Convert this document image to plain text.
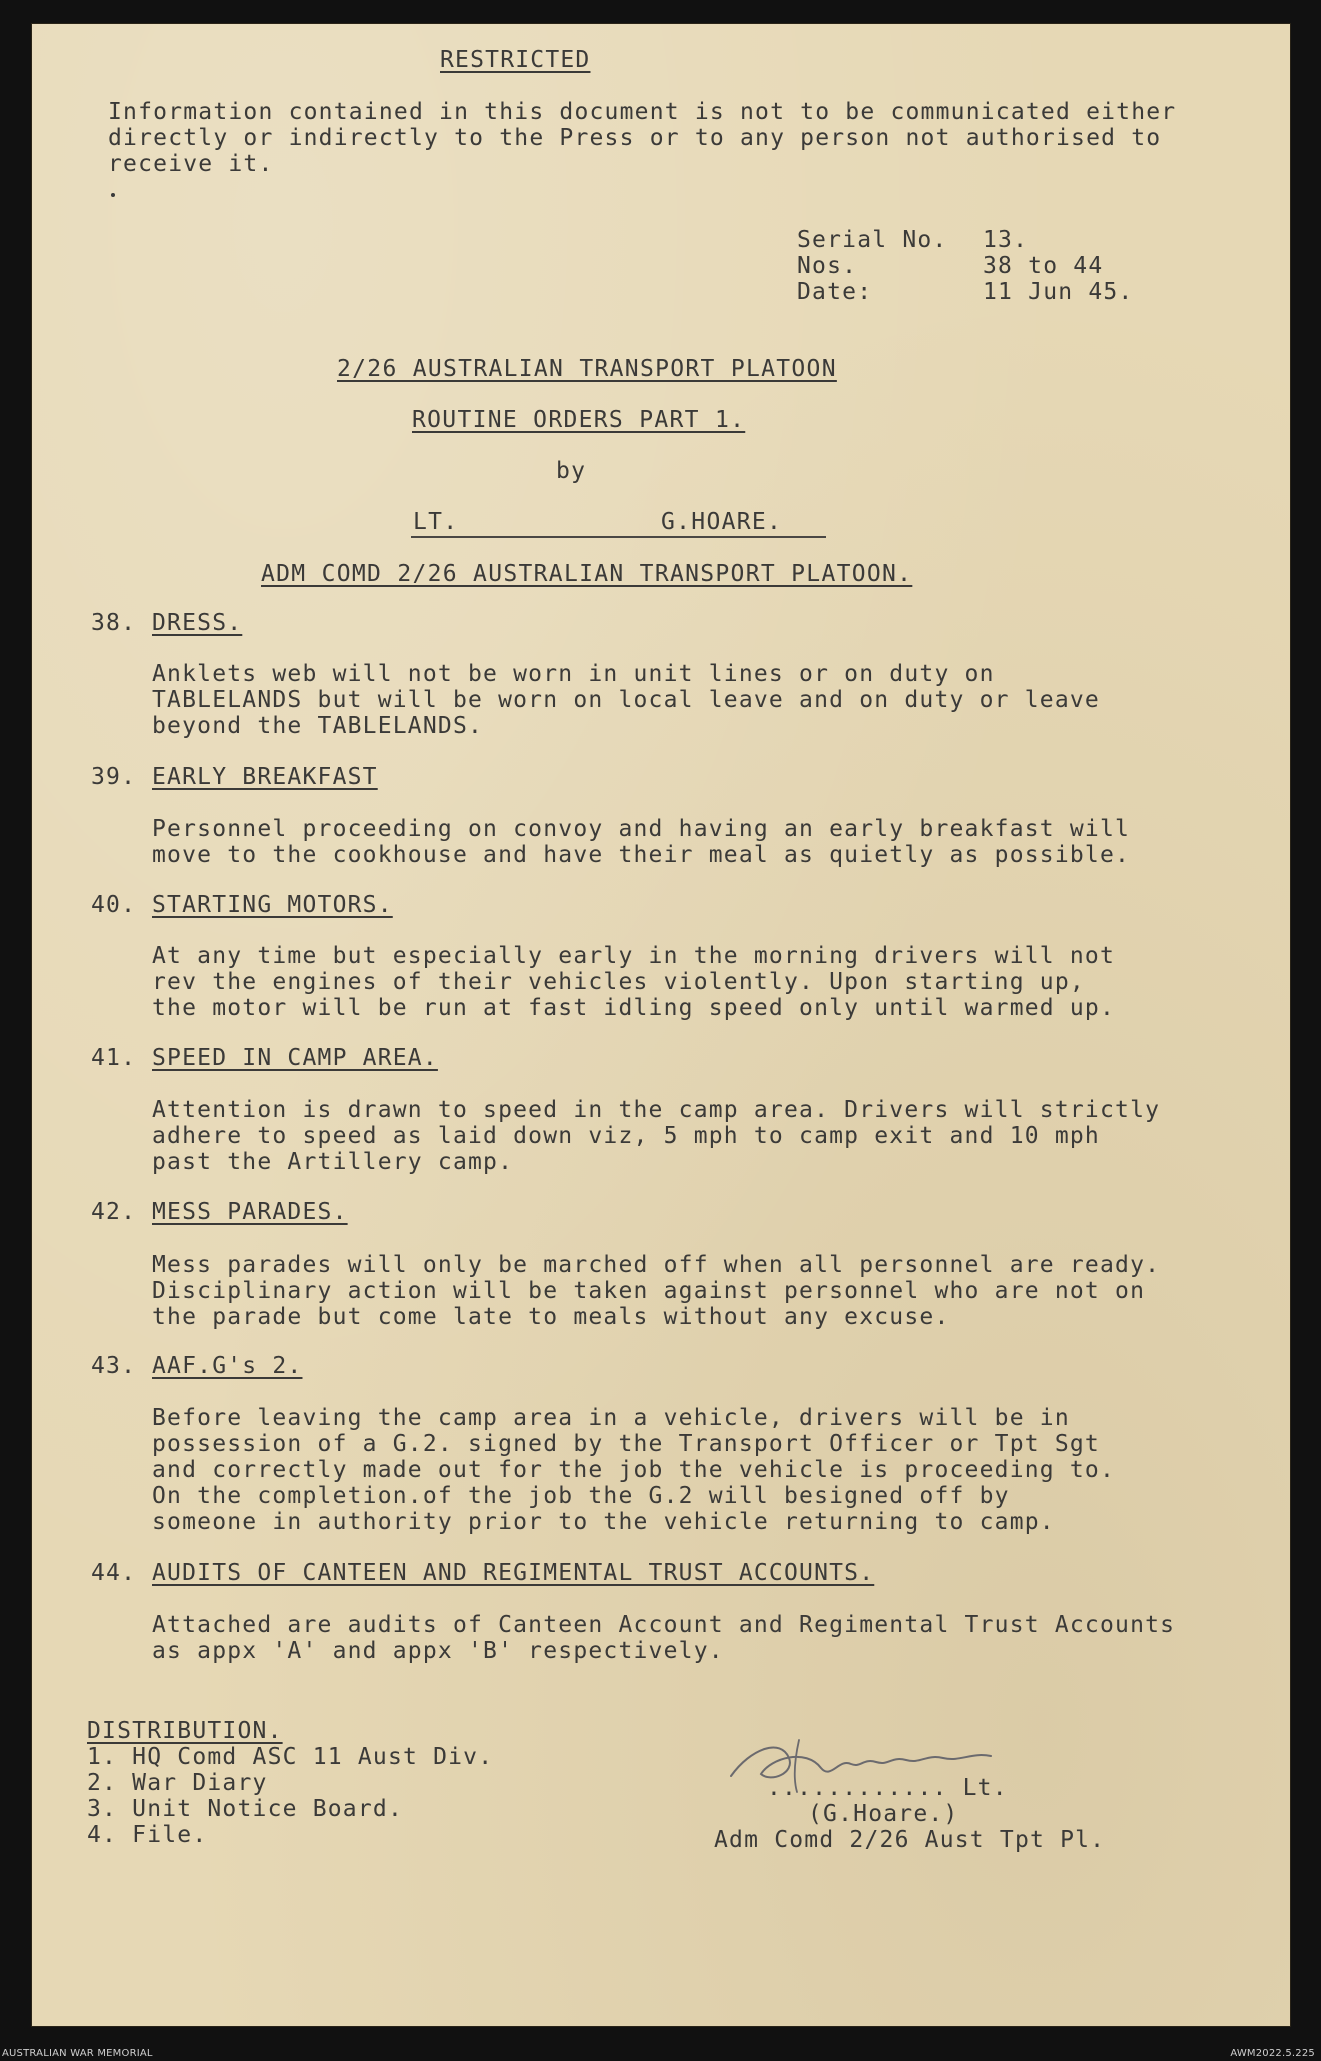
RESTRICTED
Information contained in this document is not to be communicated either
directly or indirectly to the Press or to any person not authorised to
receive it.
Serial No. 13.
Nos.	38 to 44
Date:	11 Jun 45.
2/26 AUSTRALIAN TRANSPORT PLATOON
ROUTINE ORDERS PART 1.
by
LT.	G.HOARE.
ADM COMD 2/26 AUSTRALIAN TRANSPORT PLATOON.
38. DRESS.
Anklets web will not be worn in unit lines or on duty on
TABLELANDS but will be worn on local leave and on duty or leave
beyond the TABLELANDS.
39. EARLY BREAKFAST
Personnel proceeding on convoy and having an early breakfast will
move to the cookhouse and have their meal as quietly as possible.
40. STARTING MOTORS.
At any time but especially early in the morning drivers will not
rev the engines of their vehicles violently. Upon starting up,
the motor will be run at fast idling speed only until warmed up.
41. SPEED IN CAMP AREA.
Attention is drawn to speed in the camp area. Drivers will strictly
adhere to speed as laid down viz, 5 mph to camp exit and 10 mph
past the Artillery camp.
42. MESS PARADES.
Mess parades will only be marched off when all personnel are ready.
Disciplinary action will be taken against personnel who are not on
the parade but come late to meals without any excuse.
43. AAF.G's 2.
Before leaving the camp area in a vehicle, drivers will be in
possession of a G.2. signed by the Transport Officer or Tpt Sgt
and correctly made out for the job the vehicle is proceeding to.
On the completion.of the job the G.2 will besigned off by
someone in authority prior to the vehicle returning to camp.
44. AUDITS OF CANTEEN AND REGIMENTAL TRUST ACCOUNTS.
Attached are audits of Canteen Account and Regimental Trust Accounts
as appx 'A' and appx 'B' respectively.
DISTRIBUTION.
1. HQ Comd ASC 11 Aust Div.
2. War Diary
3. Unit Notice Board.
4. File.
............ Lt.
(G.Hoare.)
Adm Comd 2/26 Aust Tpt Pl.
AUSTRALIAN WAR MEMORIAL	AWM2022.5.225
